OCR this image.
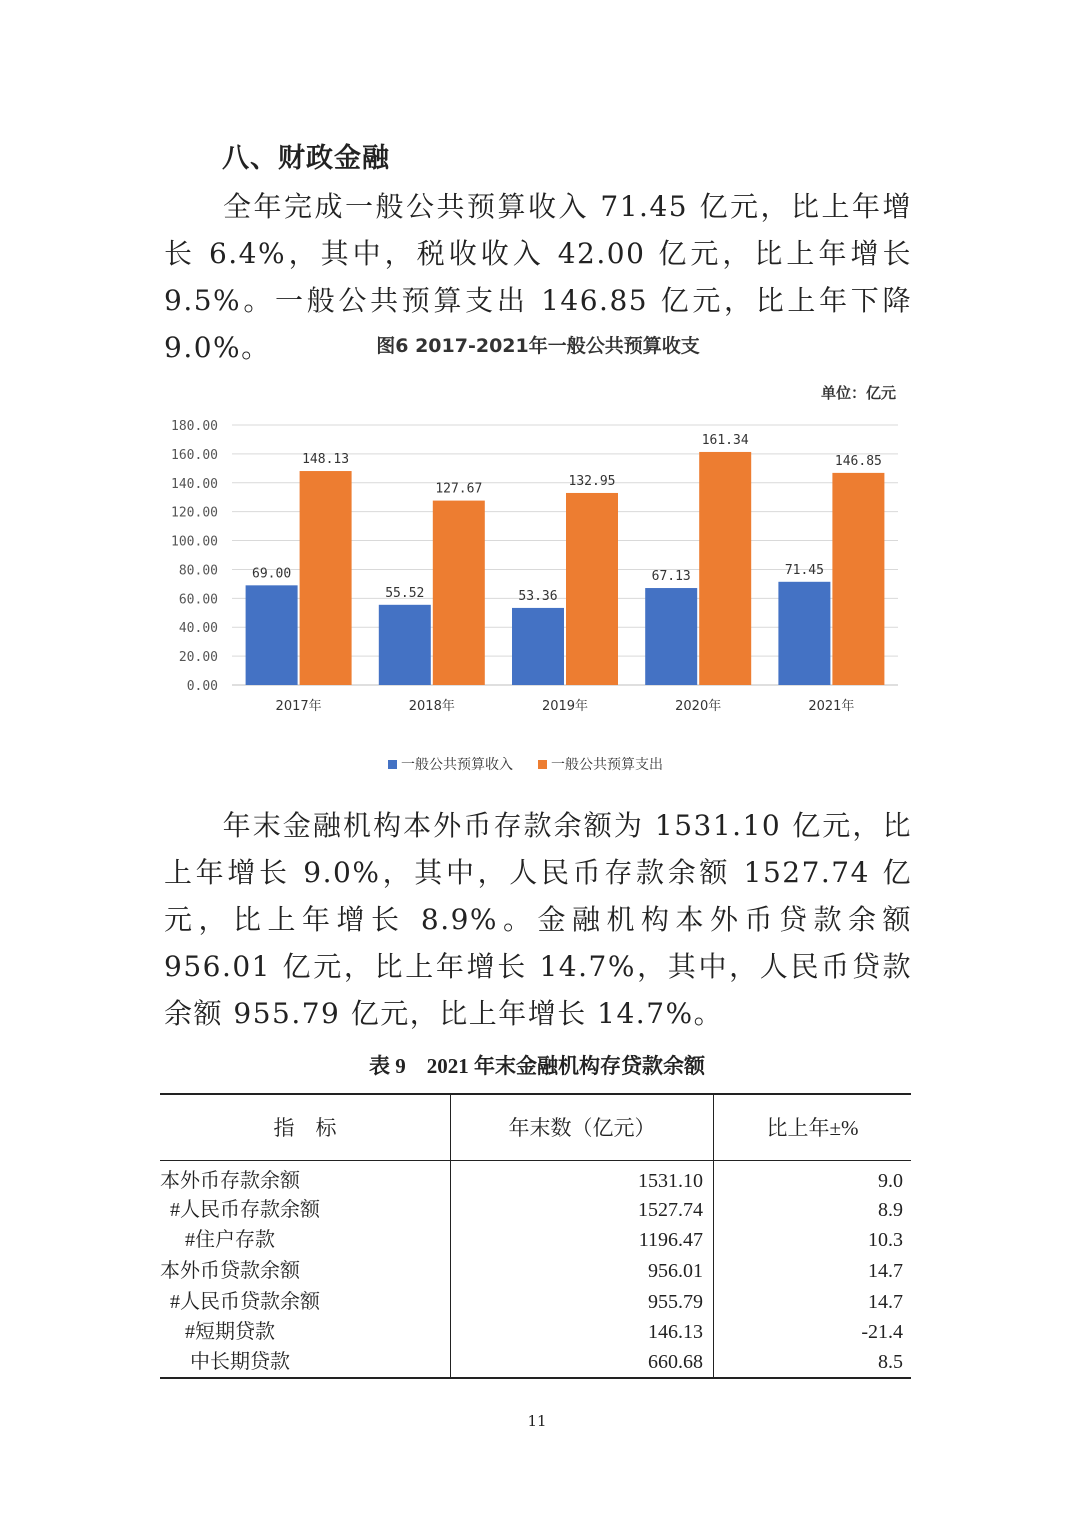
八、财政金融
全年完成一般公共预算收入 71.45 亿元，比上年增长 6.4%，其中，税收收入 42.00 亿元，比上年增长 9.5%。一般公共预算支出 146.85 亿元，比上年下降 9.0%。	图6 2017-2021年一般公共预算收支
单位：亿元
69.00
148.13
55.52
127.67
53.36
132.95
67.13
161.34
71.45
146.85
0.00
20.00
40.00
60.00
80.00
100.00
120.00
140.00
160.00
180.00
2017年	2018年	2019年	2020年	2021年
一般公共预算收入	一般公共预算支出
年末金融机构本外币存款余额为 1531.10 亿元，比上年增长 9.0%，其中，人民币存款余额 1527.74 亿元，比上年增长 8.9%。金融机构本外币贷款余额 956.01 亿元，比上年增长 14.7%，其中，人民币贷款余额 955.79 亿元，比上年增长 14.7%。
表 9    2021 年末金融机构存贷款余额
指    标	年末数（亿元）	比上年±%
本外币存款余额	1531.10	9.0
#人民币存款余额	1527.74	8.9
#住户存款	1196.47	10.3
本外币贷款余额	956.01	14.7
#人民币贷款余额	955.79	14.7
#短期贷款	146.13	-21.4
中长期贷款	660.68	8.5
11
